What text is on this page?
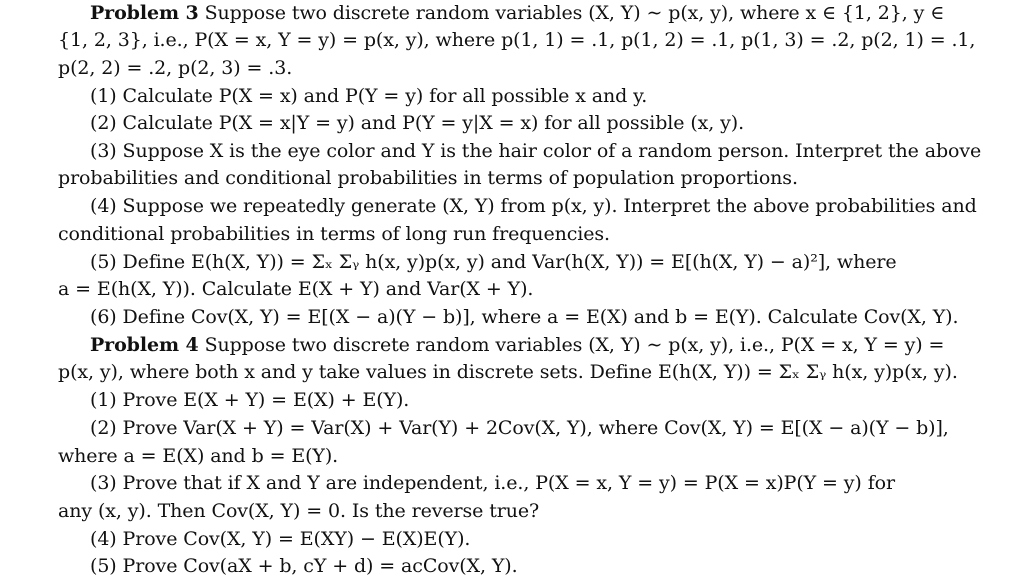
Problem 3 Suppose two discrete random variables (X, Y) ∼ p(x, y), where x ∈ {1, 2}, y ∈
{1, 2, 3}, i.e., P(X = x, Y = y) = p(x, y), where p(1, 1) = .1, p(1, 2) = .1, p(1, 3) = .2, p(2, 1) = .1,
p(2, 2) = .2, p(2, 3) = .3.
(1) Calculate P(X = x) and P(Y = y) for all possible x and y.
(2) Calculate P(X = x|Y = y) and P(Y = y|X = x) for all possible (x, y).
(3) Suppose X is the eye color and Y is the hair color of a random person. Interpret the above
probabilities and conditional probabilities in terms of population proportions.
(4) Suppose we repeatedly generate (X, Y) from p(x, y). Interpret the above probabilities and
conditional probabilities in terms of long run frequencies.
(5) Define E(h(X, Y)) = Σₓ Σᵧ h(x, y)p(x, y) and Var(h(X, Y)) = E[(h(X, Y) − a)²], where
a = E(h(X, Y)). Calculate E(X + Y) and Var(X + Y).
(6) Define Cov(X, Y) = E[(X − a)(Y − b)], where a = E(X) and b = E(Y). Calculate Cov(X, Y).
Problem 4 Suppose two discrete random variables (X, Y) ∼ p(x, y), i.e., P(X = x, Y = y) =
p(x, y), where both x and y take values in discrete sets. Define E(h(X, Y)) = Σₓ Σᵧ h(x, y)p(x, y).
(1) Prove E(X + Y) = E(X) + E(Y).
(2) Prove Var(X + Y) = Var(X) + Var(Y) + 2Cov(X, Y), where Cov(X, Y) = E[(X − a)(Y − b)],
where a = E(X) and b = E(Y).
(3) Prove that if X and Y are independent, i.e., P(X = x, Y = y) = P(X = x)P(Y = y) for
any (x, y). Then Cov(X, Y) = 0. Is the reverse true?
(4) Prove Cov(X, Y) = E(XY) − E(X)E(Y).
(5) Prove Cov(aX + b, cY + d) = acCov(X, Y).
